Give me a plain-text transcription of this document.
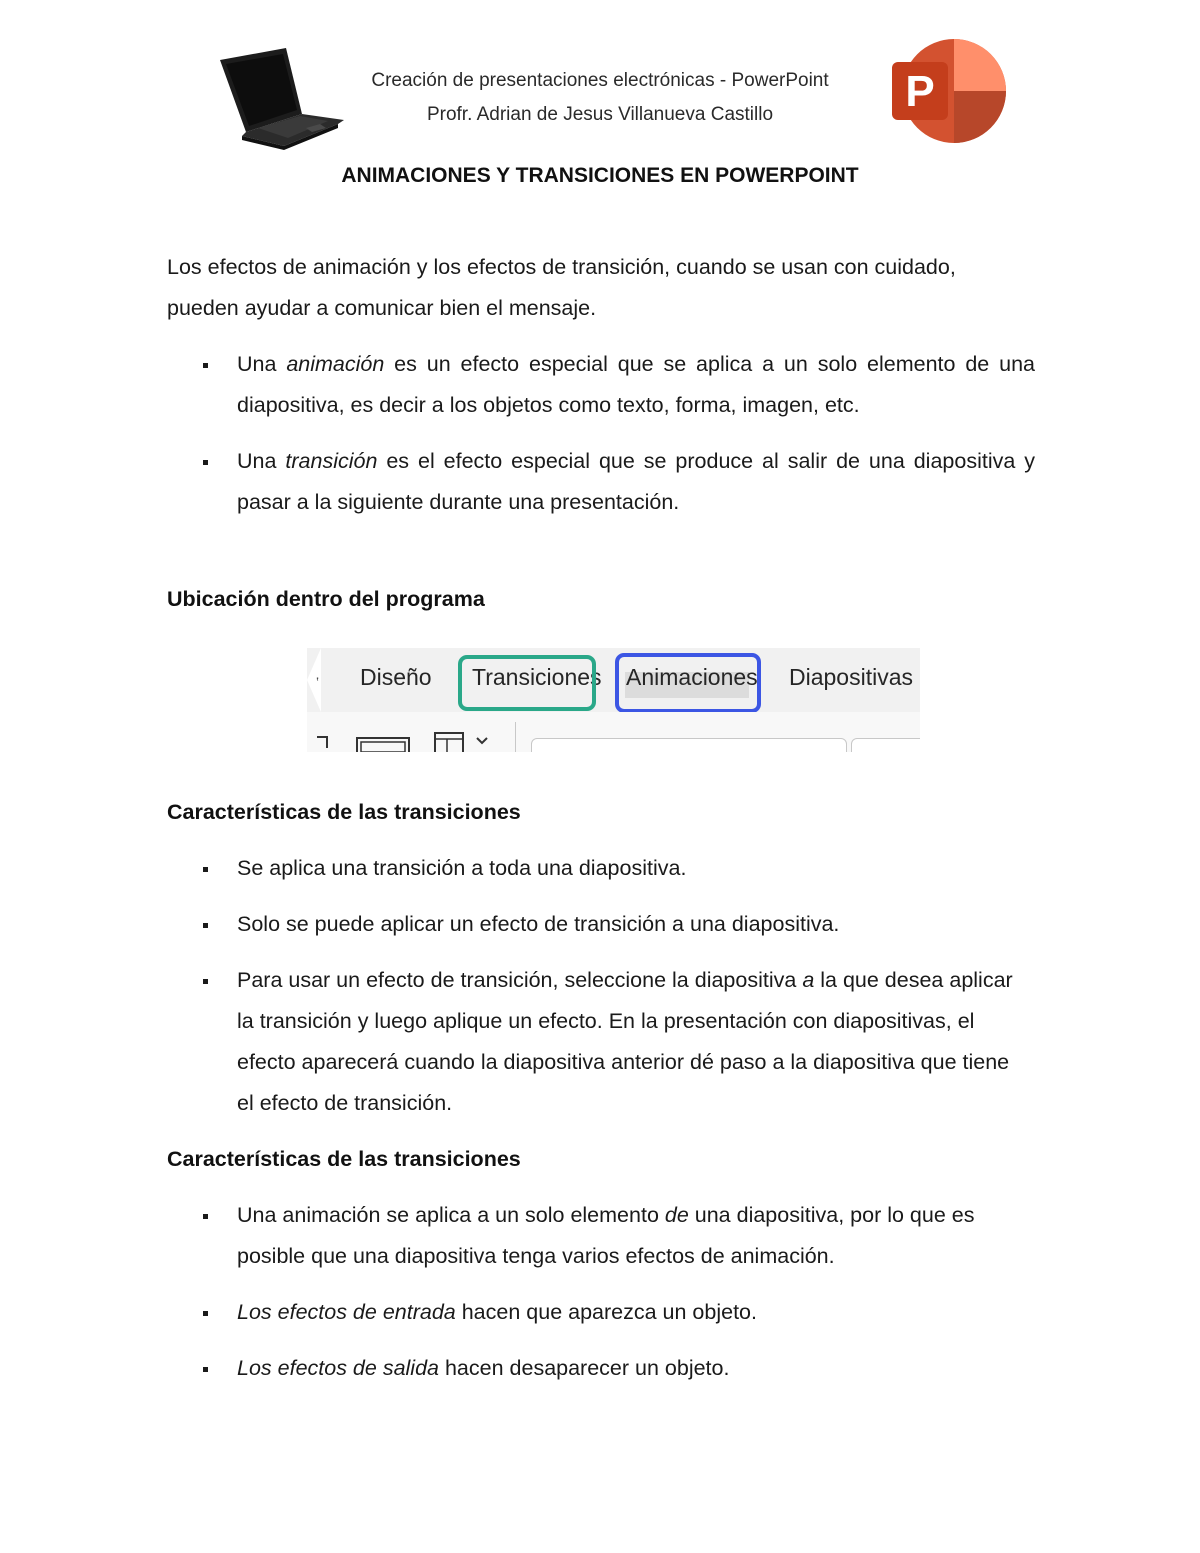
P
Creación de presentaciones electrónicas - PowerPoint
Profr. Adrian de Jesus Villanueva Castillo
ANIMACIONES Y TRANSICIONES EN POWERPOINT
Los efectos de animación y los efectos de transición, cuando se usan con cuidado,
pueden ayudar a comunicar bien el mensaje.
Una animación es un efecto especial que se aplica a un solo elemento de una diapositiva, es decir a los objetos como texto, forma, imagen, etc.
Una transición es el efecto especial que se produce al salir de una diapositiva y pasar a la siguiente durante una presentación.
Ubicación dentro del programa
‛ Diseño Transiciones Animaciones Diapositivas
Características de las transiciones
Se aplica una transición a toda una diapositiva.
Solo se puede aplicar un efecto de transición a una diapositiva.
Para usar un efecto de transición, seleccione la diapositiva a la que desea aplicar la transición y luego aplique un efecto. En la presentación con diapositivas, el efecto aparecerá cuando la diapositiva anterior dé paso a la diapositiva que tiene el efecto de transición.
Características de las transiciones
Una animación se aplica a un solo elemento de una diapositiva, por lo que es posible que una diapositiva tenga varios efectos de animación.
Los efectos de entrada hacen que aparezca un objeto.
Los efectos de salida hacen desaparecer un objeto.
